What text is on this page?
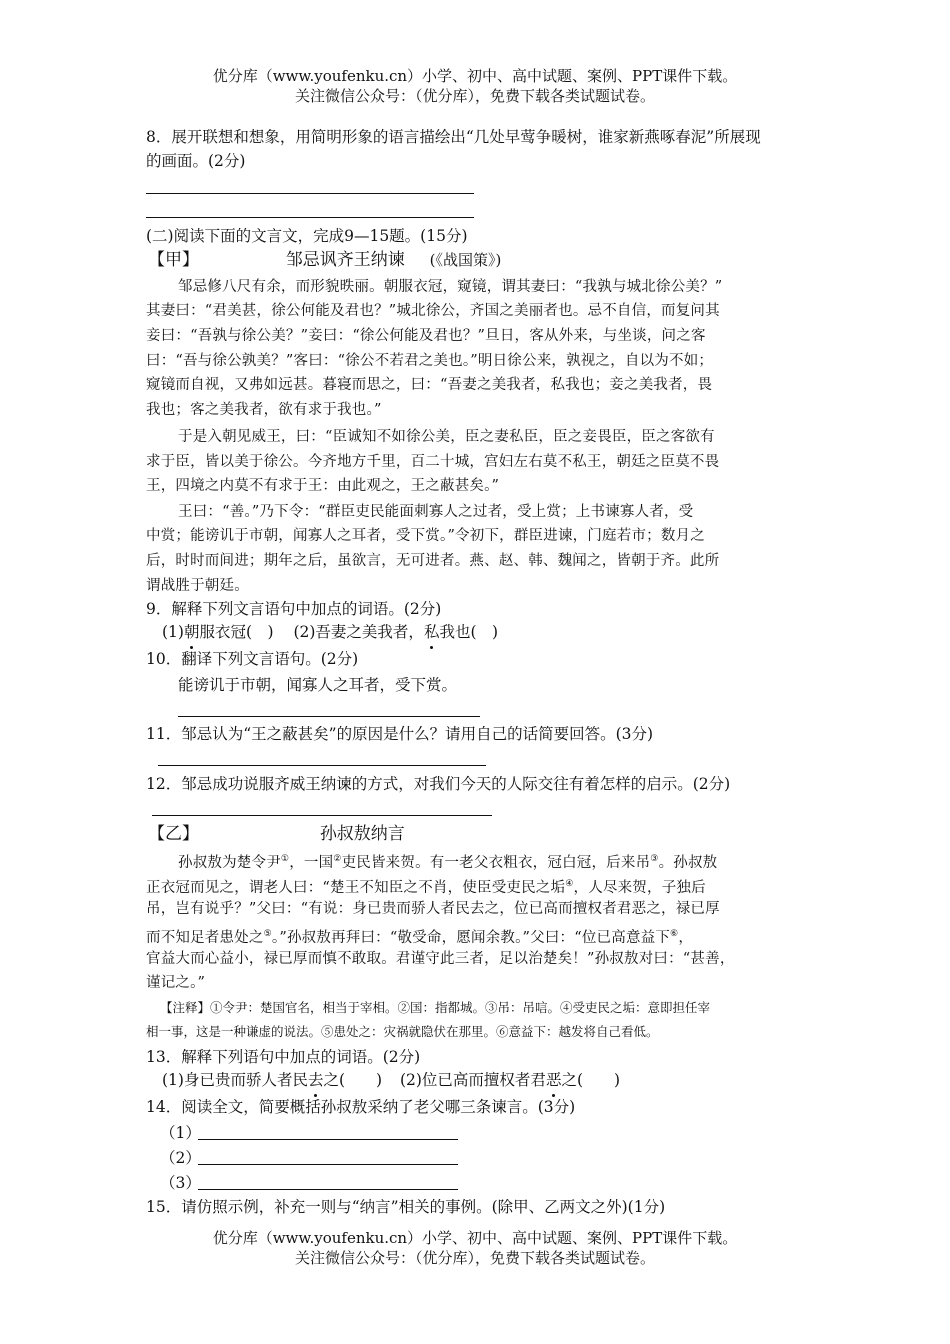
优分库（www.youfenku.cn）小学、初中、高中试题、案例、PPT课件下载。
关注微信公众号：（优分库），免费下载各类试题试卷。
8．展开联想和想象，用简明形象的语言描绘出“几处早莺争暖树，谁家新燕啄春泥”所展现
的画面。(2分)
(二)阅读下面的文言文，完成9—15题。(15分)
【甲】	邹忌讽齐王纳谏 (《战国策》)
邹忌修八尺有余，而形貌昳丽。朝服衣冠，窥镜，谓其妻曰：“我孰与城北徐公美？”
其妻曰：“君美甚，徐公何能及君也？”城北徐公，齐国之美丽者也。忌不自信，而复问其
妾曰：“吾孰与徐公美？”妾曰：“徐公何能及君也？”旦日，客从外来，与坐谈，问之客
曰：“吾与徐公孰美？”客曰：“徐公不若君之美也。”明日徐公来，孰视之，自以为不如；
窥镜而自视，又弗如远甚。暮寝而思之，曰：“吾妻之美我者，私我也；妾之美我者，畏
我也；客之美我者，欲有求于我也。”
于是入朝见威王，曰：“臣诚知不如徐公美，臣之妻私臣，臣之妾畏臣，臣之客欲有
求于臣，皆以美于徐公。今齐地方千里，百二十城，宫妇左右莫不私王，朝廷之臣莫不畏
王，四境之内莫不有求于王：由此观之，王之蔽甚矣。”
王曰：“善。”乃下令：“群臣吏民能面刺寡人之过者，受上赏；上书谏寡人者，受
中赏；能谤讥于市朝，闻寡人之耳者，受下赏。”令初下，群臣进谏，门庭若市；数月之
后，时时而间进；期年之后，虽欲言，无可进者。燕、赵、韩、魏闻之，皆朝于齐。此所
谓战胜于朝廷。
9．解释下列文言语句中加点的词语。(2分)
(1)朝服衣冠(　) (2)吾妻之美我者，私我也(　)
10．翻译下列文言语句。(2分)
能谤讥于市朝，闻寡人之耳者，受下赏。
11．邹忌认为“王之蔽甚矣”的原因是什么？请用自己的话简要回答。(3分)
12．邹忌成功说服齐威王纳谏的方式，对我们今天的人际交往有着怎样的启示。(2分)
【乙】	孙叔敖纳言
孙叔敖为楚令尹①，一国②吏民皆来贺。有一老父衣粗衣，冠白冠，后来吊③。孙叔敖
正衣冠而见之，谓老人曰：“楚王不知臣之不肖，使臣受吏民之垢④，人尽来贺，子独后
吊，岂有说乎？”父曰：“有说：身已贵而骄人者民去之，位已高而擅权者君恶之，禄已厚
而不知足者患处之⑤。”孙叔敖再拜曰：“敬受命，愿闻余教。”父曰：“位已高意益下⑥，
官益大而心益小，禄已厚而慎不敢取。君谨守此三者，足以治楚矣！”孙叔敖对曰：“甚善，
谨记之。”
【注释】①令尹：楚国官名，相当于宰相。②国：指都城。③吊：吊唁。④受吏民之垢：意即担任宰
相一事，这是一种谦虚的说法。⑤患处之：灾祸就隐伏在那里。⑥意益下：越发将自己看低。
13．解释下列语句中加点的词语。(2分)
(1)身已贵而骄人者民去之(　　) (2)位已高而擅权者君恶之(　　)
14．阅读全文，简要概括孙叔敖采纳了老父哪三条谏言。(3分)
（1）
（2）
（3）
15．请仿照示例，补充一则与“纳言”相关的事例。(除甲、乙两文之外)(1分)
优分库（www.youfenku.cn）小学、初中、高中试题、案例、PPT课件下载。
关注微信公众号：（优分库），免费下载各类试题试卷。
